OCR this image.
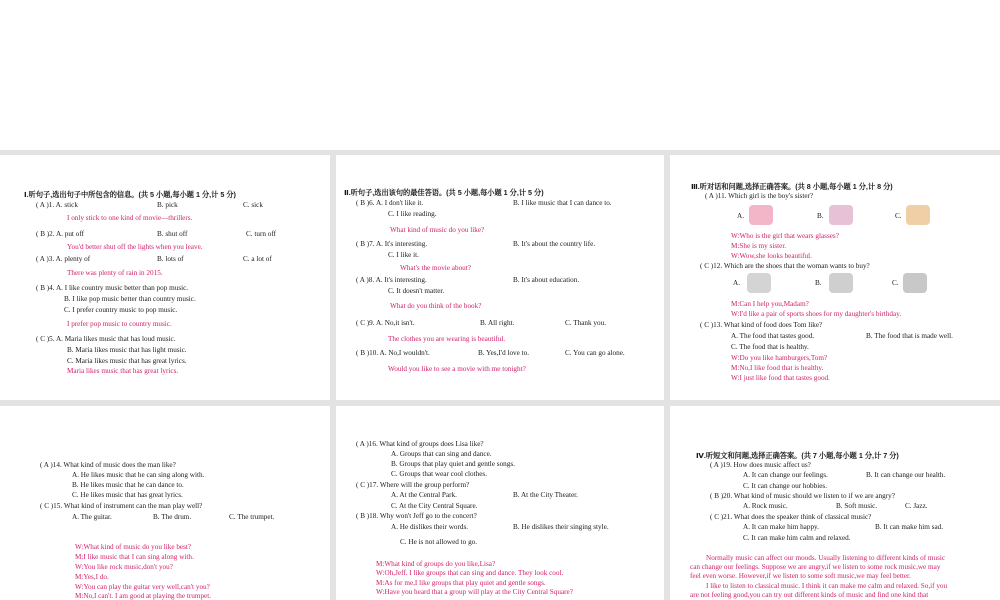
Ⅰ.听句子,选出句子中所包含的信息。(共 5 小题,每小题 1 分,计 5 分)
( A )1. A. stick	B. pick	C. sick
I only stick to one kind of movie—thrillers.
( B )2. A. put off	B. shut off	C. turn off
You'd better shut off the lights when you leave.
( A )3. A. plenty of	B. lots of	C. a lot of
There was plenty of rain in 2015.
( B )4. A. I like country music better than pop music.
B. I like pop music better than country music.
C. I prefer country music to pop music.
I prefer pop music to country music.
( C )5. A. Maria likes music that has loud music.
B. Maria likes music that has light music.
C. Maria likes music that has great lyrics.
Maria likes music that has great lyrics.
Ⅱ.听句子,选出该句的最佳答语。(共 5 小题,每小题 1 分,计 5 分)
( B )6. A. I don't like it.	B. I like music that I can dance to.
C. I like reading.
What kind of music do you like?
( B )7. A. It's interesting.	B. It's about the country life.
C. I like it.
What's the movie about?
( A )8. A. It's interesting.	B. It's about education.
C. It doesn't matter.
What do you think of the book?
( C )9. A. No,it isn't.	B. All right.	C. Thank you.
The clothes you are wearing is beautiful.
( B )10. A. No,I wouldn't.	B. Yes,I'd love to.	C. You can go alone.
Would you like to see a movie with me tonight?
Ⅲ.听对话和问题,选择正确答案。(共 8 小题,每小题 1 分,计 8 分)
( A )11. Which girl is the boy's sister?
A.	B.	C.
W:Who is the girl that wears glasses?
M:She is my sister.
W:Wow,she looks beautiful.
( C )12. Which are the shoes that the woman wants to buy?
A.	B.	C.
M:Can I help you,Madam?
W:I'd like a pair of sports shoes for my daughter's birthday.
( C )13. What kind of food does Tom like?
A. The food that tastes good.	B. The food that is made well.
C. The food that is healthy.
W:Do you like hamburgers,Tom?
M:No,I like food that is healthy.
W:I just like food that tastes good.
( A )14. What kind of music does the man like?
A. He likes music that he can sing along with.
B. He likes music that he can dance to.
C. He likes music that has great lyrics.
( C )15. What kind of instrument can the man play well?
A. The guitar.	B. The drum.	C. The trumpet.
W:What kind of music do you like best?
M:I like music that I can sing along with.
W:You like rock music,don't you?
M:Yes,I do.
W:You can play the guitar very well,can't you?
M:No,I can't. I am good at playing the trumpet.
( A )16. What kind of groups does Lisa like?
A. Groups that can sing and dance.
B. Groups that play quiet and gentle songs.
C. Groups that wear cool clothes.
( C )17. Where will the group perform?
A. At the Central Park.	B. At the City Theater.
C. At the City Central Square.
( B )18. Why won't Jeff go to the concert?
A. He dislikes their words.	B. He dislikes their singing style.
C. He is not allowed to go.
M:What kind of groups do you like,Lisa?
W:Oh,Jeff. I like groups that can sing and dance. They look cool.
M:As for me,I like groups that play quiet and gentle songs.
W:Have you heard that a group will play at the City Central Square?
Ⅳ.听短文和问题,选择正确答案。(共 7 小题,每小题 1 分,计 7 分)
( A )19. How does music affect us?
A. It can change our feelings.	B. It can change our health.
C. It can change our hobbies.
( B )20. What kind of music should we listen to if we are angry?
A. Rock music.	B. Soft music.	C. Jazz.
( C )21. What does the speaker think of classical music?
A. It can make him happy.	B. It can make him sad.
C. It can make him calm and relaxed.
Normally music can affect our moods. Usually listening to different kinds of music
can change our feelings. Suppose we are angry,if we listen to some rock music,we may
feel even worse. However,if we listen to some soft music,we may feel better.
I like to listen to classical music. I think it can make me calm and relaxed. So,if you
are not feeling good,you can try out different kinds of music and find one kind that
